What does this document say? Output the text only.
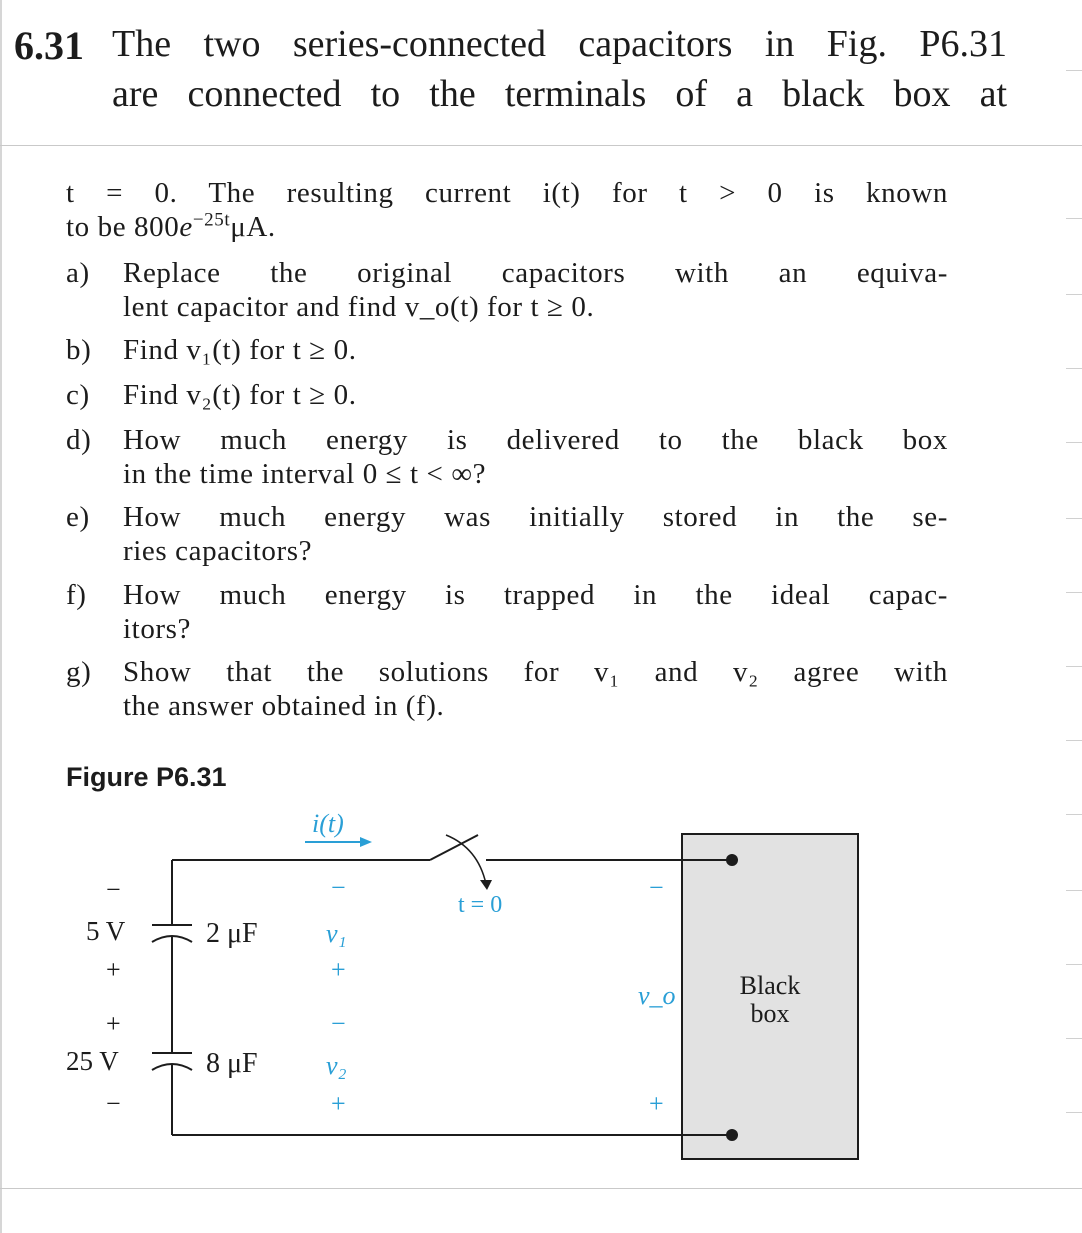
6.31 The two series-connected capacitors in Fig. P6.31
are connected to the terminals of a black box at
t = 0. The resulting current i(t) for t > 0 is known
to be $800e^{-25t}\mu A$.
a) Replace the original capacitors with an equiva-
lent capacitor and find v_o(t) for t ≥ 0.
b) Find v₁(t) for t ≥ 0.
c) Find v₂(t) for t ≥ 0.
d) How much energy is delivered to the black box
in the time interval 0 ≤ t < ∞?
e) How much energy was initially stored in the se-
ries capacitors?
f) How much energy is trapped in the ideal capac-
itors?
g) Show that the solutions for v₁ and v₂ agree with
the answer obtained in (f).
Figure P6.31
i(t)
t = 0
−
5 V
+
2 μF
+
25 V
−
8 μF
−
v₁
+
−
v₂
+
−
v_o
+
Black
box
